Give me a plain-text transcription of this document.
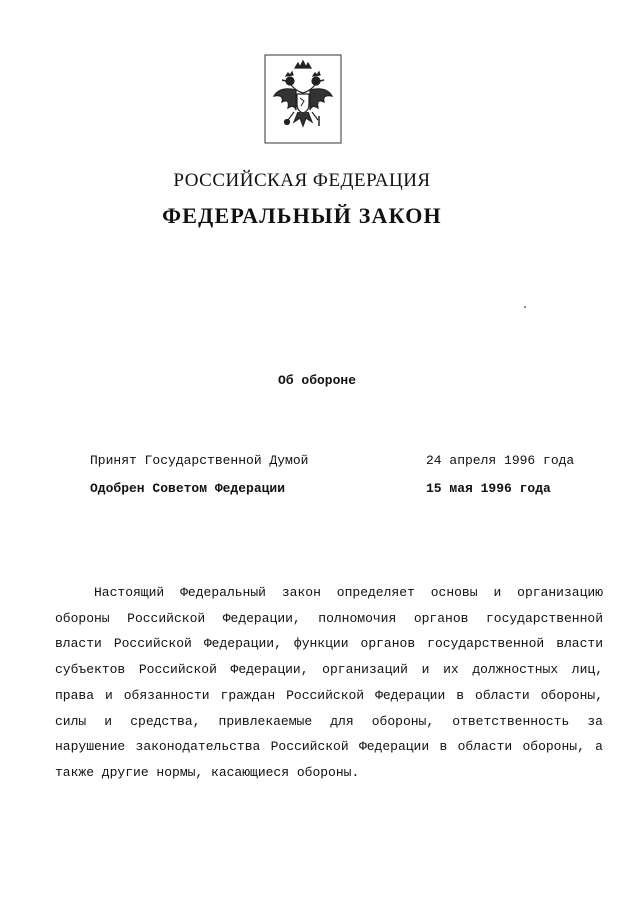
РОССИЙСКАЯ ФЕДЕРАЦИЯ
ФЕДЕРАЛЬНЫЙ ЗАКОН
Об обороне
Принят Государственной Думой	24 апреля 1996 года
Одобрен Советом Федерации	15 мая 1996 года

Настоящий Федеральный закон определяет основы и организацию обороны Российской Федерации, полномочия органов государственной власти Российской Федерации, функции органов государственной власти субъектов Российской Федерации, организаций и их должностных лиц, права и обязанности граждан Российской Федерации в области обороны, силы и средства, привлекаемые для обороны, ответственность за нарушение законодательства Российской Федерации в области обороны, а также другие нормы, касающиеся обороны.
